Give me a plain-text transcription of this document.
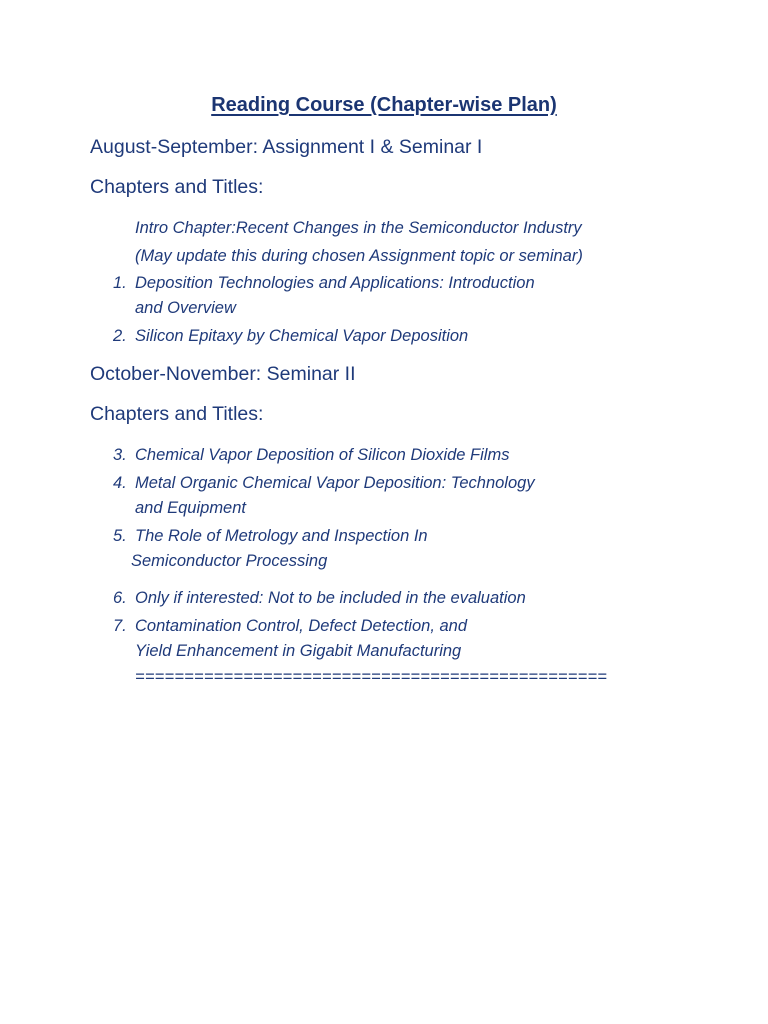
Reading Course (Chapter-wise Plan)
August-September: Assignment I & Seminar I
Chapters and Titles:
Intro Chapter:Recent Changes in the Semiconductor Industry
(May update this during chosen Assignment topic or seminar)
1. Deposition Technologies and Applications: Introduction
and Overview
2. Silicon Epitaxy by Chemical Vapor Deposition
October-November: Seminar II
Chapters and Titles:
3. Chemical Vapor Deposition of Silicon Dioxide Films
4. Metal Organic Chemical Vapor Deposition: Technology
and Equipment
5. The Role of Metrology and Inspection In
Semiconductor Processing
6. Only if interested: Not to be included in the evaluation
7. Contamination Control, Defect Detection, and
Yield Enhancement in Gigabit Manufacturing
================================================
